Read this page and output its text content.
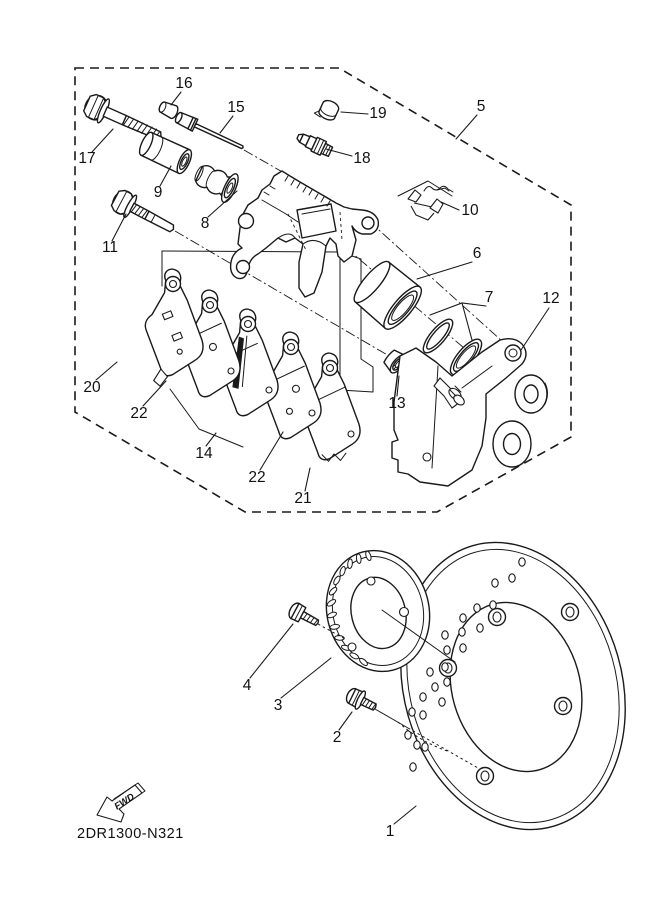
16
15	19	5
17	18
9
8
10
11	6
7	12
20
22
13
14
22
21
4
3
2
1
FWD
2DR1300-N321
